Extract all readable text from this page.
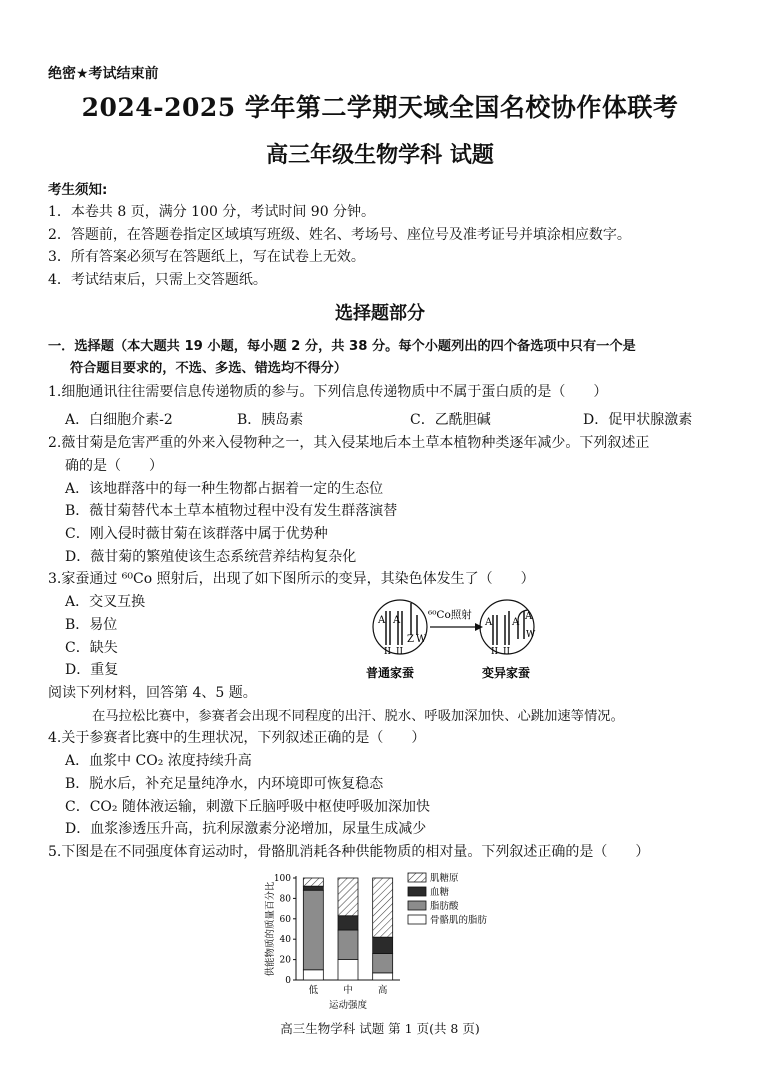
绝密★考试结束前
2024-2025 学年第二学期天域全国名校协作体联考
高三年级生物学科 试题
考生须知:
1．本卷共 8 页，满分 100 分，考试时间 90 分钟。
2．答题前，在答题卷指定区域填写班级、姓名、考场号、座位号及准考证号并填涂相应数字。
3．所有答案必须写在答题纸上，写在试卷上无效。
4．考试结束后，只需上交答题纸。
选择题部分
一．选择题（本大题共 19 小题，每小题 2 分，共 38 分。每个小题列出的四个备选项中只有一个是
符合题目要求的，不选、多选、错选均不得分）
1.细胞通讯往往需要信息传递物质的参与。下列信息传递物质中不属于蛋白质的是（　　）
A．白细胞介素-2	B．胰岛素	C．乙酰胆碱	D．促甲状腺激素
2.薇甘菊是危害严重的外来入侵物种之一，其入侵某地后本土草本植物种类逐年减少。下列叙述正
确的是（　　）
A．该地群落中的每一种生物都占据着一定的生态位
B．薇甘菊替代本土草本植物过程中没有发生群落演替
C．刚入侵时薇甘菊在该群落中属于优势种
D．薇甘菊的繁殖使该生态系统营养结构复杂化
3.家蚕通过 ⁶⁰Co 照射后，出现了如下图所示的变异，其染色体发生了（　　）
A．交叉互换
B．易位
C．缺失
D．重复
A A
II II
Z W
⁶⁰Co照射
A A
A
II II
W
普通家蚕	变异家蚕
阅读下列材料，回答第 4、5 题。
在马拉松比赛中，参赛者会出现不同程度的出汗、脱水、呼吸加深加快、心跳加速等情况。
4.关于参赛者比赛中的生理状况，下列叙述正确的是（　　）
A．血浆中 CO₂ 浓度持续升高
B．脱水后，补充足量纯净水，内环境即可恢复稳态
C．CO₂ 随体液运输，刺激下丘脑呼吸中枢使呼吸加深加快
D．血浆渗透压升高，抗利尿激素分泌增加，尿量生成减少
5.下图是在不同强度体育运动时，骨骼肌消耗各种供能物质的相对量。下列叙述正确的是（　　）
供能物质的质量百分比
0
20
40
60
80
100
低	中	高
运动强度
肌糖原
血糖
脂肪酸
骨骼肌的脂肪
高三生物学科 试题 第 1 页(共 8 页)
